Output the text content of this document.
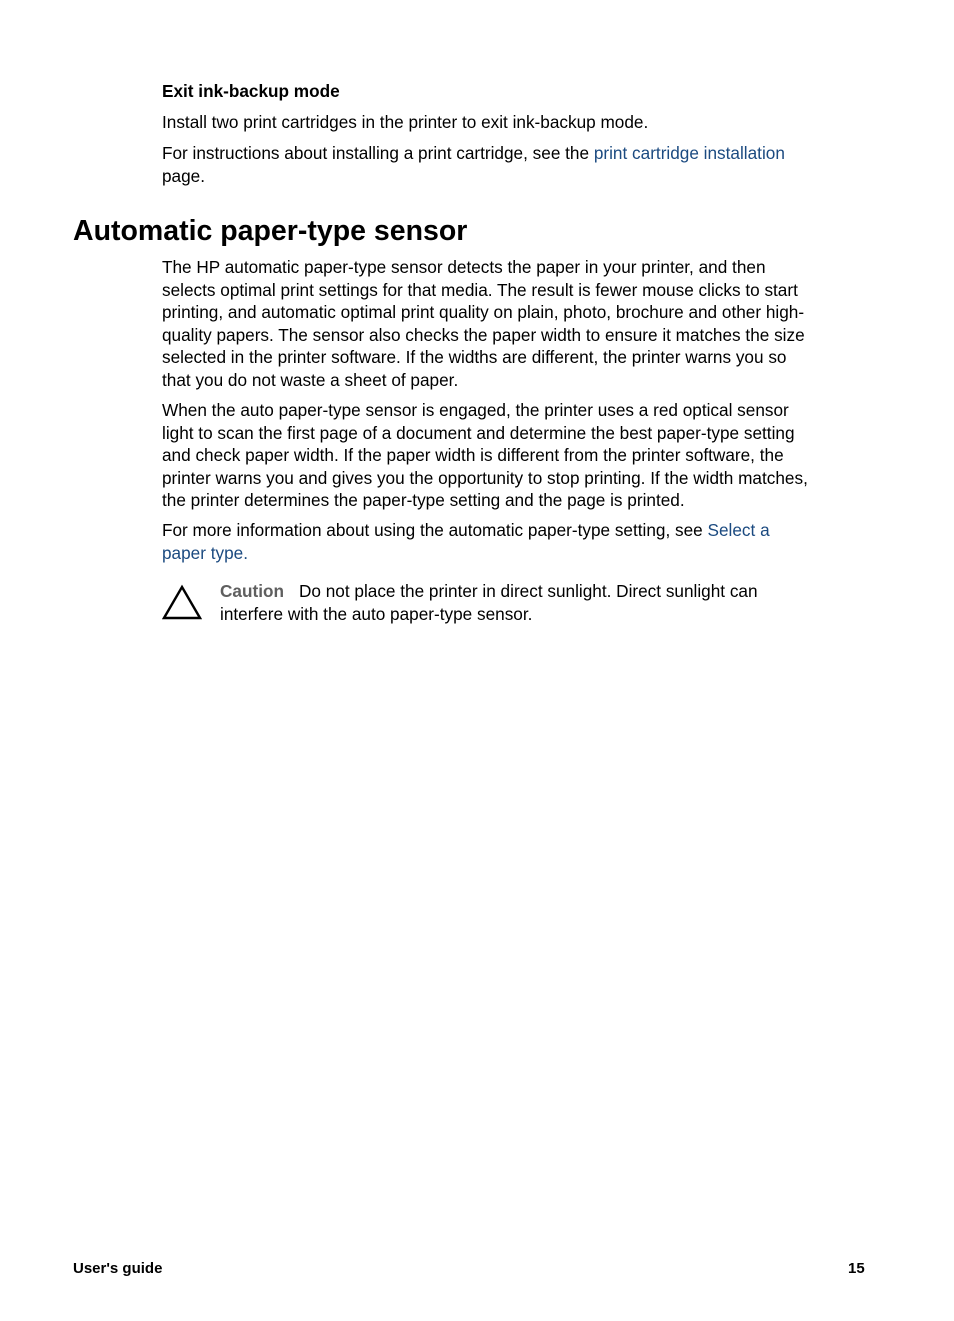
Exit ink-backup mode

Install two print cartridges in the printer to exit ink-backup mode.

For instructions about installing a print cartridge, see the print cartridge installation
page.
Automatic paper-type sensor
The HP automatic paper-type sensor detects the paper in your printer, and then
selects optimal print settings for that media. The result is fewer mouse clicks to start
printing, and automatic optimal print quality on plain, photo, brochure and other high-
quality papers. The sensor also checks the paper width to ensure it matches the size
selected in the printer software. If the widths are different, the printer warns you so
that you do not waste a sheet of paper.
When the auto paper-type sensor is engaged, the printer uses a red optical sensor
light to scan the first page of a document and determine the best paper-type setting
and check paper width. If the paper width is different from the printer software, the
printer warns you and gives you the opportunity to stop printing. If the width matches,
the printer determines the paper-type setting and the page is printed.
For more information about using the automatic paper-type setting, see Select a
paper type.
Caution Do not place the printer in direct sunlight. Direct sunlight can
interfere with the auto paper-type sensor.
User's guide	15
